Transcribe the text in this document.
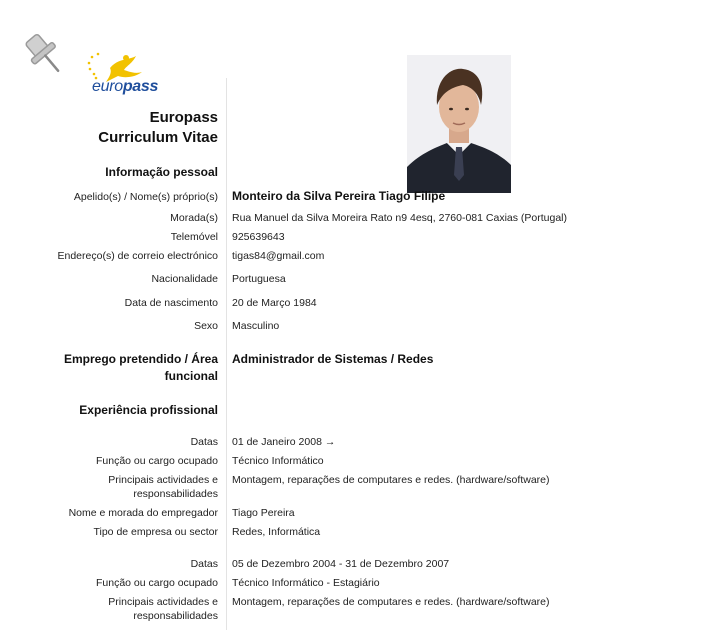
europass
Europass
Curriculum Vitae
Informação pessoal
Apelido(s) / Nome(s) próprio(s) Monteiro da Silva Pereira Tiago Filipe
Morada(s) Rua Manuel da Silva Moreira Rato n9 4esq, 2760-081 Caxias (Portugal)
Telemóvel 925639643
Endereço(s) de correio electrónico tigas84@gmail.com
Nacionalidade Portuguesa
Data de nascimento 20 de Março 1984
Sexo Masculino
Emprego pretendido / Área funcional
Administrador de Sistemas / Redes
Experiência profissional
Datas 01 de Janeiro 2008 →
Função ou cargo ocupado Técnico Informático
Principais actividades e responsabilidades
Montagem, reparações de computares e redes. (hardware/software)
Nome e morada do empregador Tiago Pereira
Tipo de empresa ou sector Redes, Informática
Datas 05 de Dezembro 2004 - 31 de Dezembro 2007
Função ou cargo ocupado Técnico Informático - Estagiário
Principais actividades e responsabilidades
Montagem, reparações de computares e redes. (hardware/software)
